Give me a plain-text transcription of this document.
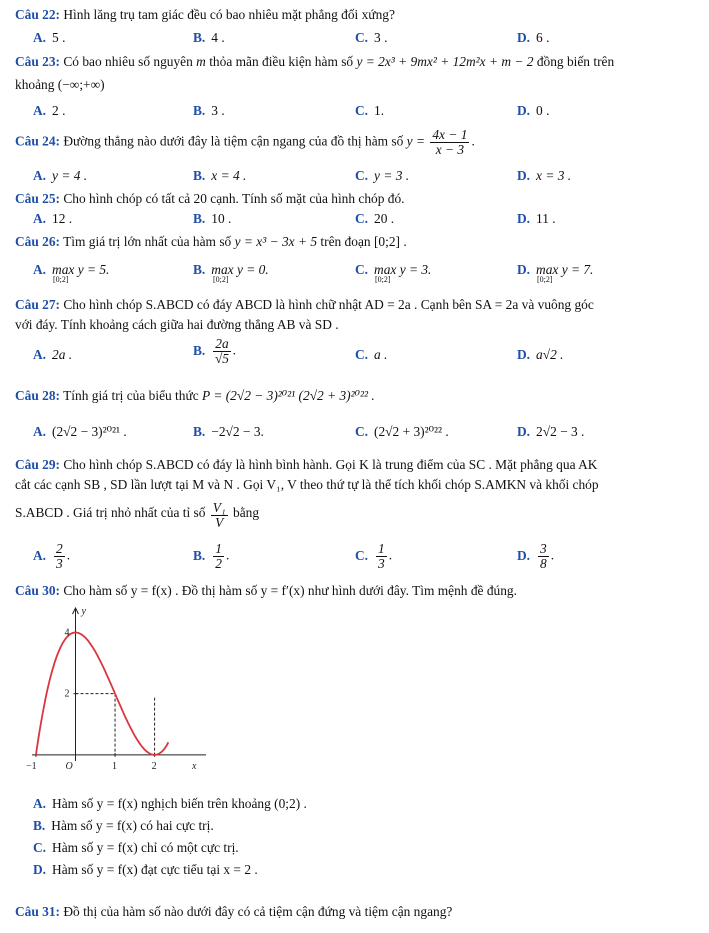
Câu 22: Hình lăng trụ tam giác đều có bao nhiêu mặt phẳng đối xứng?
A. 5 .	B. 4 .	C. 3 .	D. 6 .
Câu 23: Có bao nhiêu số nguyên m thỏa mãn điều kiện hàm số y = 2x³ + 9mx² + 12m²x + m − 2 đồng biến trên
khoảng (−∞;+∞)
A. 2 .	B. 3 .	C. 1.	D. 0 .
Câu 24: Đường thẳng nào dưới đây là tiệm cận ngang của đồ thị hàm số $y = \frac{4x - 1}{x - 3}$ .
A. y = 4 .	B. x = 4 .	C. y = 3 .	D. x = 3 .
Câu 25: Cho hình chóp có tất cả 20 cạnh. Tính số mặt của hình chóp đó.
A. 12 .	B. 10 .	C. 20 .	D. 11 .
Câu 26: Tìm giá trị lớn nhất của hàm số y = x³ − 3x + 5 trên đoạn [0;2] .
A. max y = 5.
[0;2]
B. max y = 0.
[0;2]
C. max y = 3.
[0;2]
D. max y = 7.
[0;2]
Câu 27: Cho hình chóp S.ABCD có đáy ABCD là hình chữ nhật AD = 2a . Cạnh bên SA = 2a và vuông góc
với đáy. Tính khoảng cách giữa hai đường thẳng AB và SD .
A. 2a .	B. $\frac{2a}{√5}$ .	C. a .	D. a√2 .
Câu 28: Tính giá trị của biểu thức P = (2√2 − 3)²⁰²¹ (2√2 + 3)²⁰²² .
A. (2√2 − 3)²⁰²¹ .	B. −2√2 − 3.	C. (2√2 + 3)²⁰²² .	D. 2√2 − 3 .
Câu 29: Cho hình chóp S.ABCD có đáy là hình bình hành. Gọi K là trung điểm của SC . Mặt phẳng qua AK
cắt các cạnh SB , SD lần lượt tại M và N . Gọi V₁, V theo thứ tự là thể tích khối chóp S.AMKN và khối chóp
S.ABCD . Giá trị nhỏ nhất của tỉ số $\frac{\text{V₁}}{V}$ bằng
A. $\frac{2}{3}$ .	B. $\frac{1}{2}$ .	C. $\frac{1}{3}$ .	D. $\frac{3}{8}$ .
Câu 30: Cho hàm số y = f(x) . Đồ thị hàm số y = f′(x) như hình dưới đây. Tìm mệnh đề đúng.
−1	O	1	2	x
4
2
y
A. Hàm số y = f(x) nghịch biến trên khoảng (0;2) .
B. Hàm số y = f(x) có hai cực trị.
C. Hàm số y = f(x) chỉ có một cực trị.
D. Hàm số y = f(x) đạt cực tiểu tại x = 2 .
Câu 31: Đồ thị của hàm số nào dưới đây có cả tiệm cận đứng và tiệm cận ngang?
